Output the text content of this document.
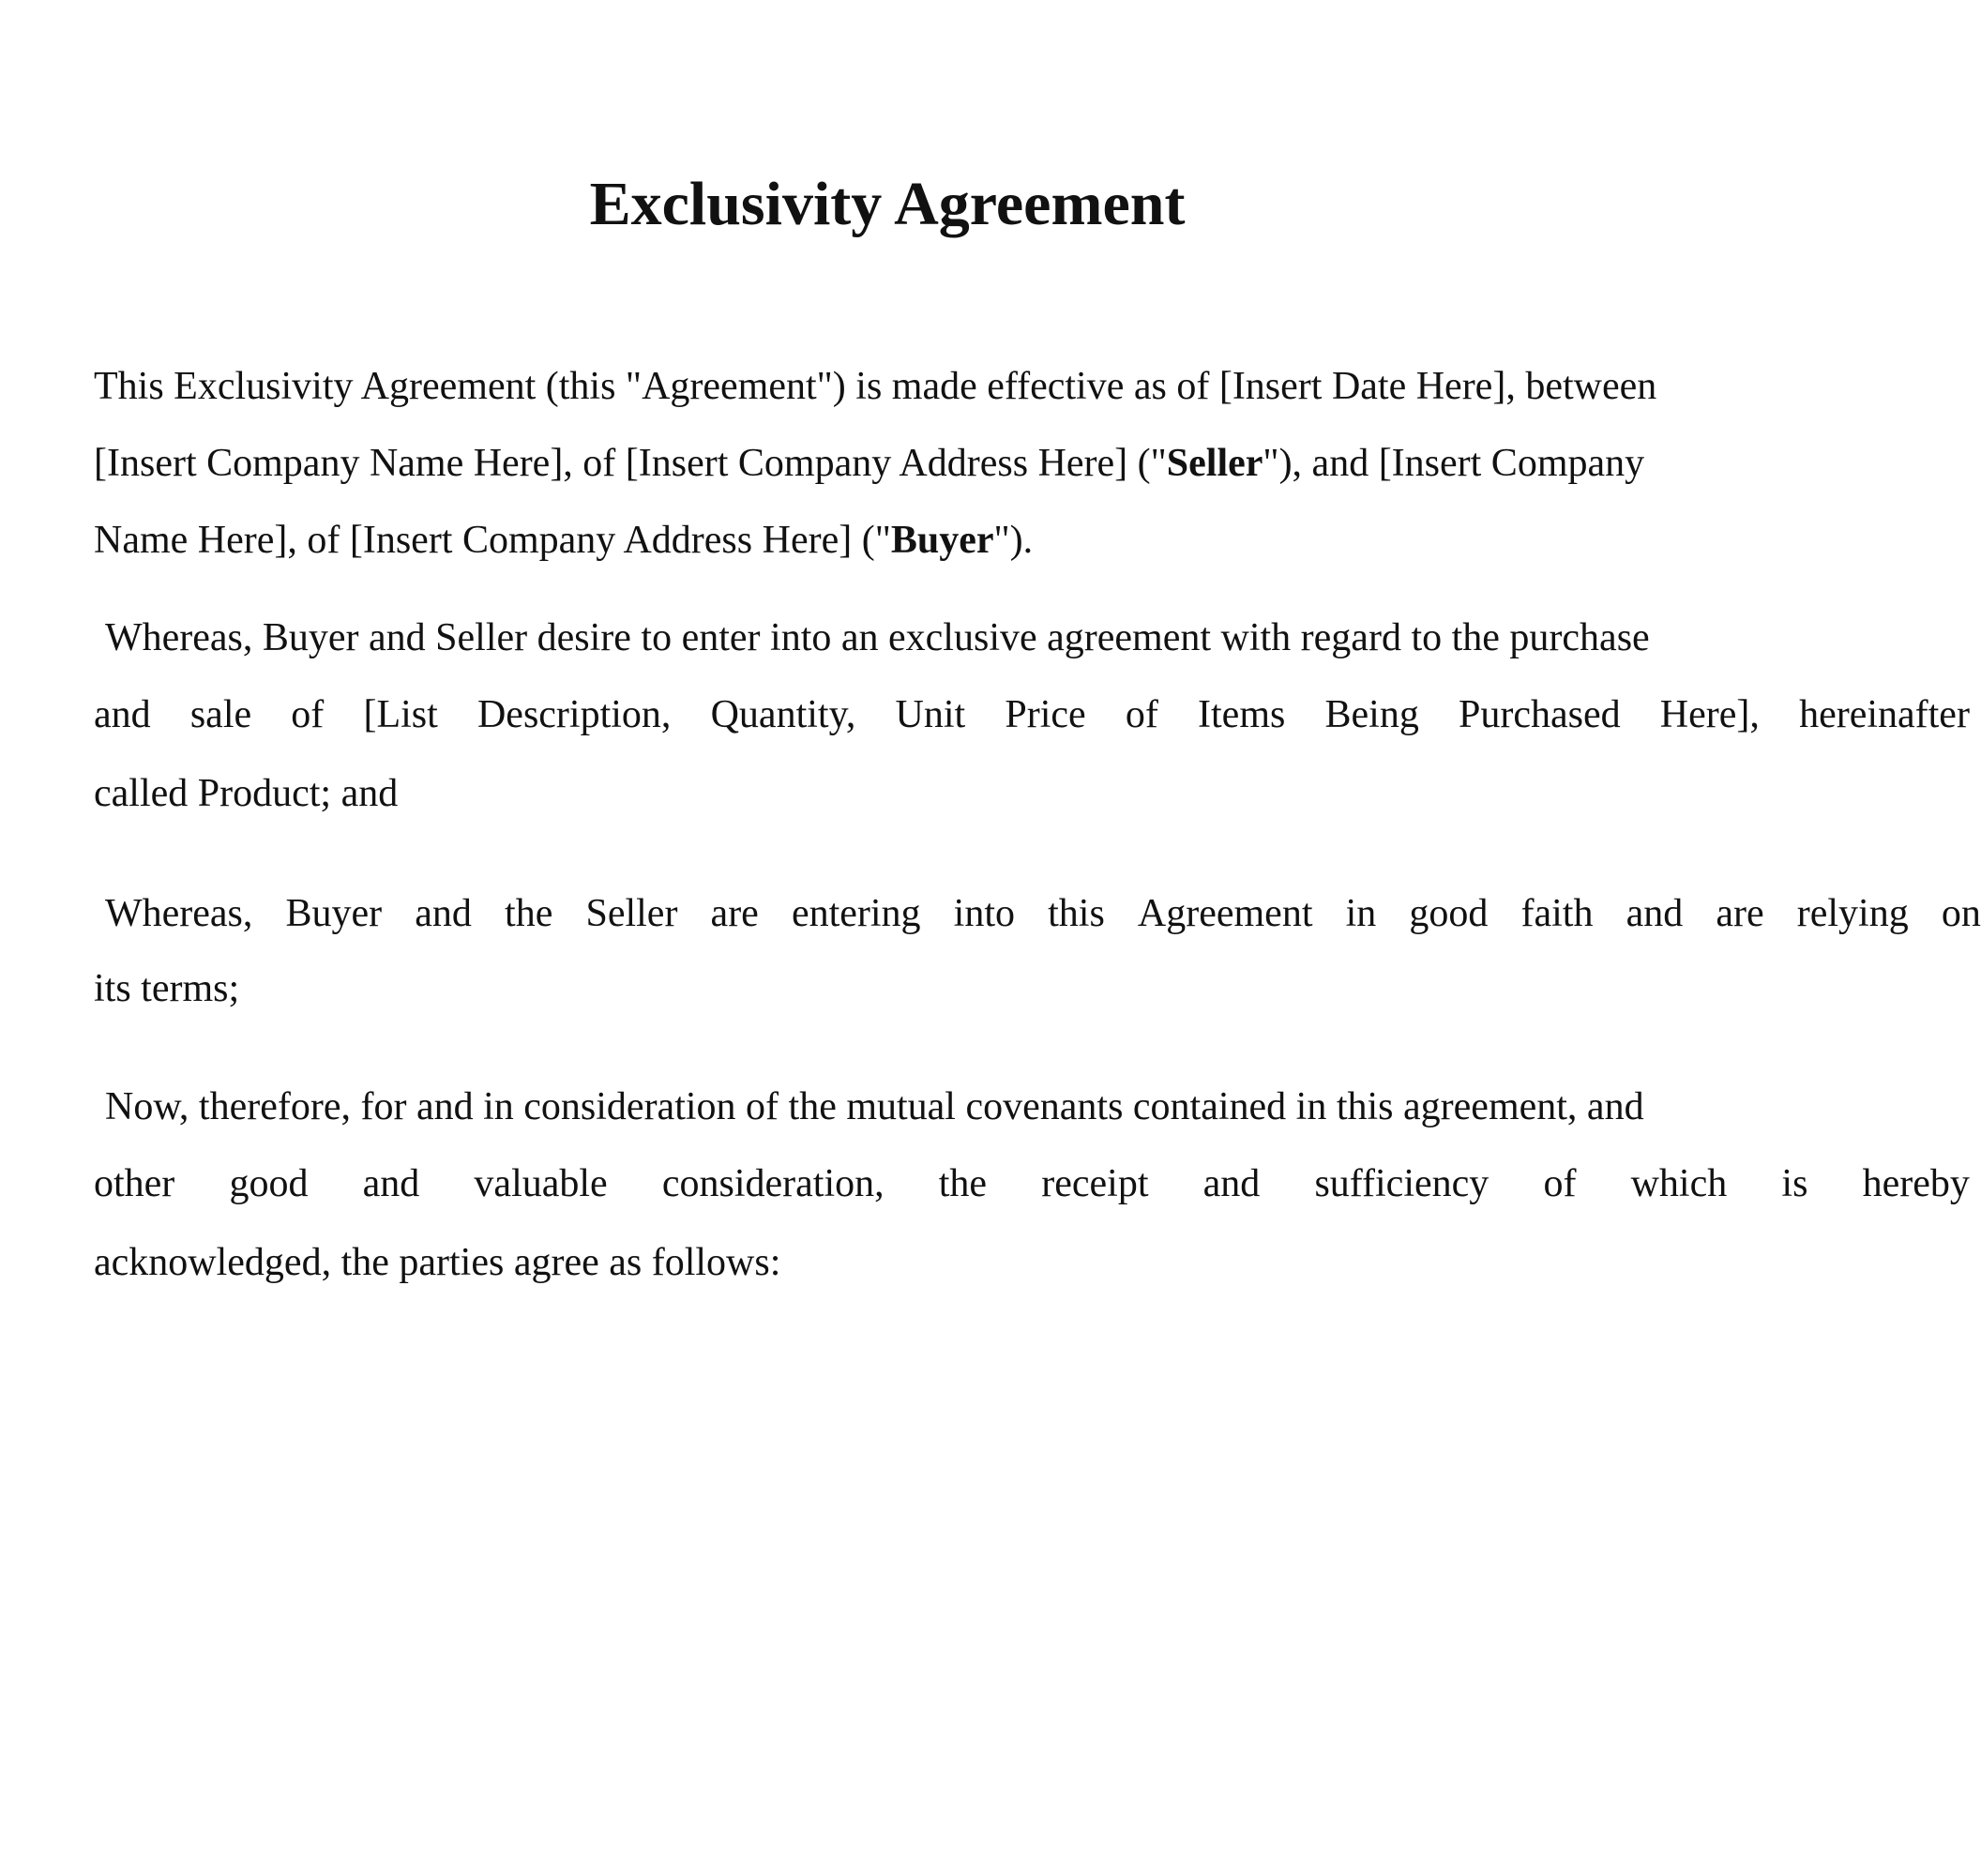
Exclusivity Agreement

This Exclusivity Agreement (this "Agreement") is made effective as of [Insert Date Here], between

[Insert Company Name Here], of [Insert Company Address Here] ("Seller"), and [Insert Company

Name Here], of [Insert Company Address Here] ("Buyer").

Whereas, Buyer and Seller desire to enter into an exclusive agreement with regard to the purchase

and sale of [List Description, Quantity, Unit Price of Items Being Purchased Here], hereinafter

called Product; and

Whereas, Buyer and the Seller are entering into this Agreement in good faith and are relying on

its terms;

Now, therefore, for and in consideration of the mutual covenants contained in this agreement, and

other good and valuable consideration, the receipt and sufficiency of which is hereby

acknowledged, the parties agree as follows:
